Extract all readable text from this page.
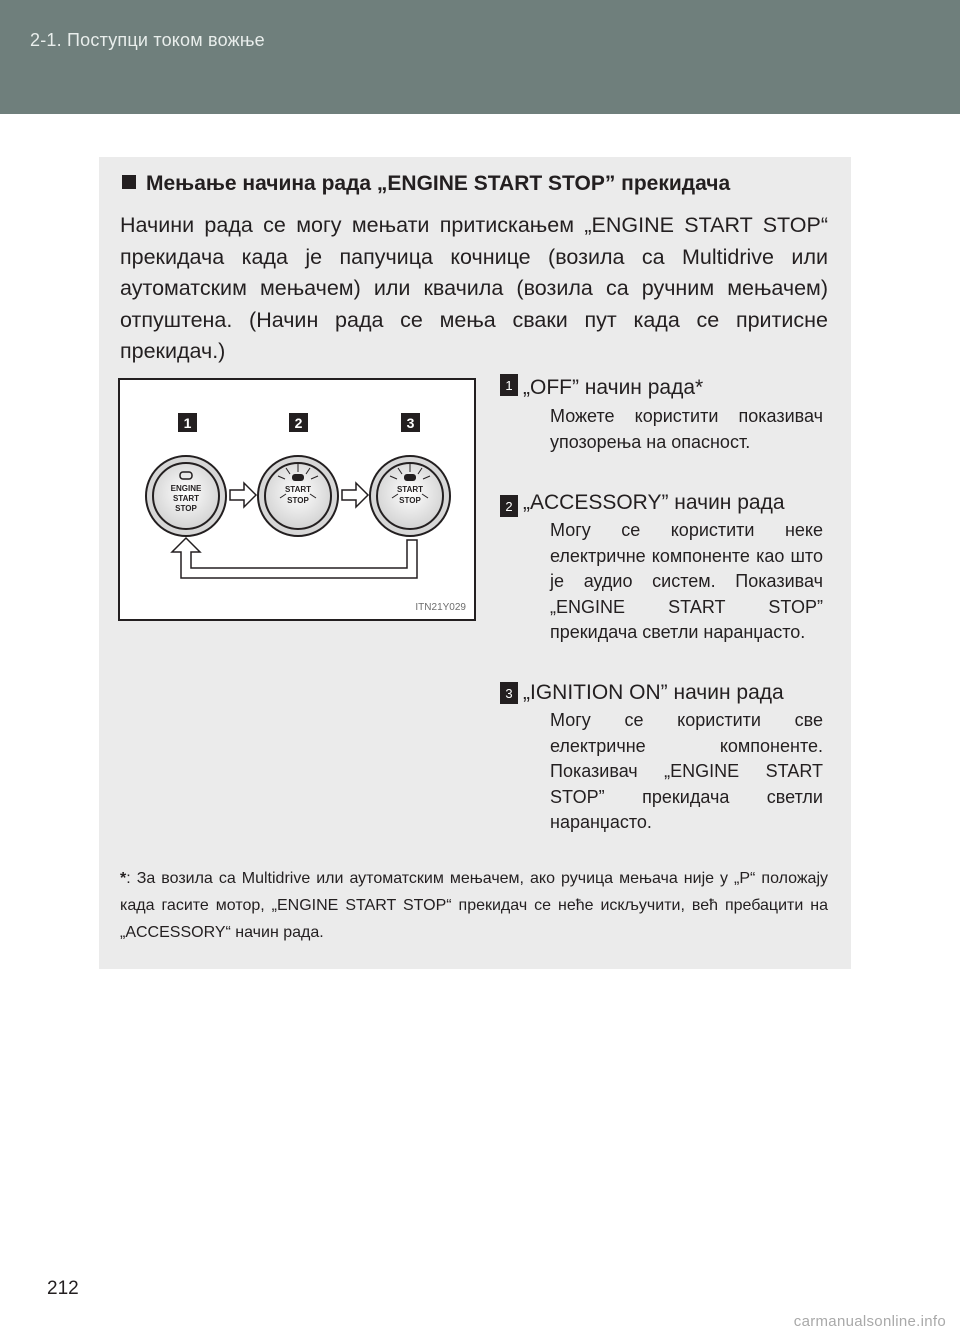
2-1. Поступци током вожње
Мењање начина рада „ENGINE START STOP” прекидача
Начини рада се могу мењати притискањем „ENGINE START STOP“ прекидача када је папучица кочнице (возила са Multidrive или аутоматским мењачем) или квачила (возила са ручним мењачем) отпуштена. (Начин рада се мења сваки пут када се притисне прекидач.)
1	2	3
ENGINE
START
STOP
START
STOP
START
STOP
ITN21Y029
1 „OFF” начин рада*
Можете користити показивач упозорења на опасност.
2 „ACCESSORY” начин рада
Могу се користити неке електричне компоненте као што је аудио систем. Показивач „ENGINE START STOP” прекидача светли наранџасто.
3 „IGNITION ON” начин рада
Могу се користити све електричне компоненте. Показивач „ENGINE START STOP” прекидача светли наранџасто.
*: За возила са Multidrive или аутоматским мењачем, ако ручица мењача није у „P“ положају када гасите мотор, „ENGINE START STOP“ прекидач се неће искључити, већ пребацити на „ACCESSORY“ начин рада.
212
carmanualsonline.info
